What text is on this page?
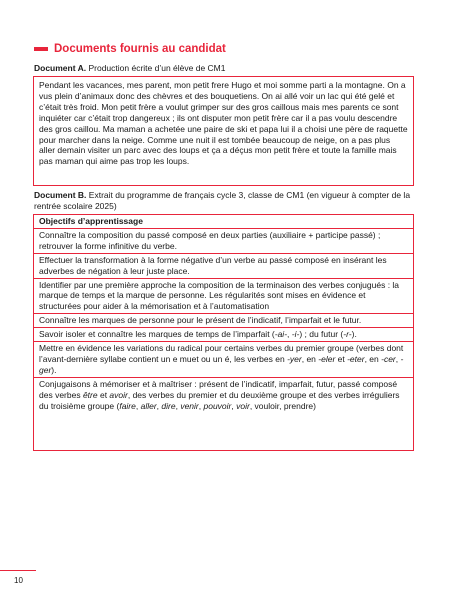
Documents fournis au candidat
Document A. Production écrite d’un élève de CM1

Pendant les vacances, mes parent, mon petit frere Hugo et moi somme parti a la montagne. On a vus plein d’animaux donc des chèvres et des bouquetiens. On ai allé voir un lac qui été gelé et c’était très froid. Mon petit frère a voulut grimper sur des gros caillous mais mes parents ce sont inquiéter car c’était trop dangereux ; ils ont disputer mon petit frère car il a pas voulu descendre des gros caillou. Ma maman a achetée une paire de ski et papa lui il a choisi une père de raquette pour marcher dans la neige. Comme une nuit il est tombée beaucoup de neige, on a pas plus aller demain visiter un parc avec des loups et ça a déçus mon petit frère et toute la famille mais pas maman qui aime pas trop les loups.

Document B. Extrait du programme de français cycle 3, classe de CM1 (en vigueur à compter de la rentrée scolaire 2025)
Objectifs d’apprentissage
Connaître la composition du passé composé en deux parties (auxiliaire + participe passé) ; retrouver la forme infinitive du verbe.
Effectuer la transformation à la forme négative d’un verbe au passé composé en insérant les adverbes de négation à leur juste place.
Identifier par une première approche la composition de la terminaison des verbes conjugués : la marque de temps et la marque de personne. Les régularités sont mises en évidence et structurées pour aider à la mémorisation et à l’automatisation
Connaître les marques de personne pour le présent de l’indicatif, l’imparfait et le futur.
Savoir isoler et connaître les marques de temps de l’imparfait (-ai-, -i-) ; du futur (-r-).
Mettre en évidence les variations du radical pour certains verbes du premier groupe (verbes dont l’avant-dernière syllabe contient un e muet ou un é, les verbes en -yer, en -eler et -eter, en -cer, -ger).
Conjugaisons à mémoriser et à maîtriser : présent de l’indicatif, imparfait, futur, passé composé des verbes être et avoir, des verbes du premier et du deuxième groupe et des verbes irréguliers du troisième groupe (faire, aller, dire, venir, pouvoir, voir, vouloir, prendre)
10
